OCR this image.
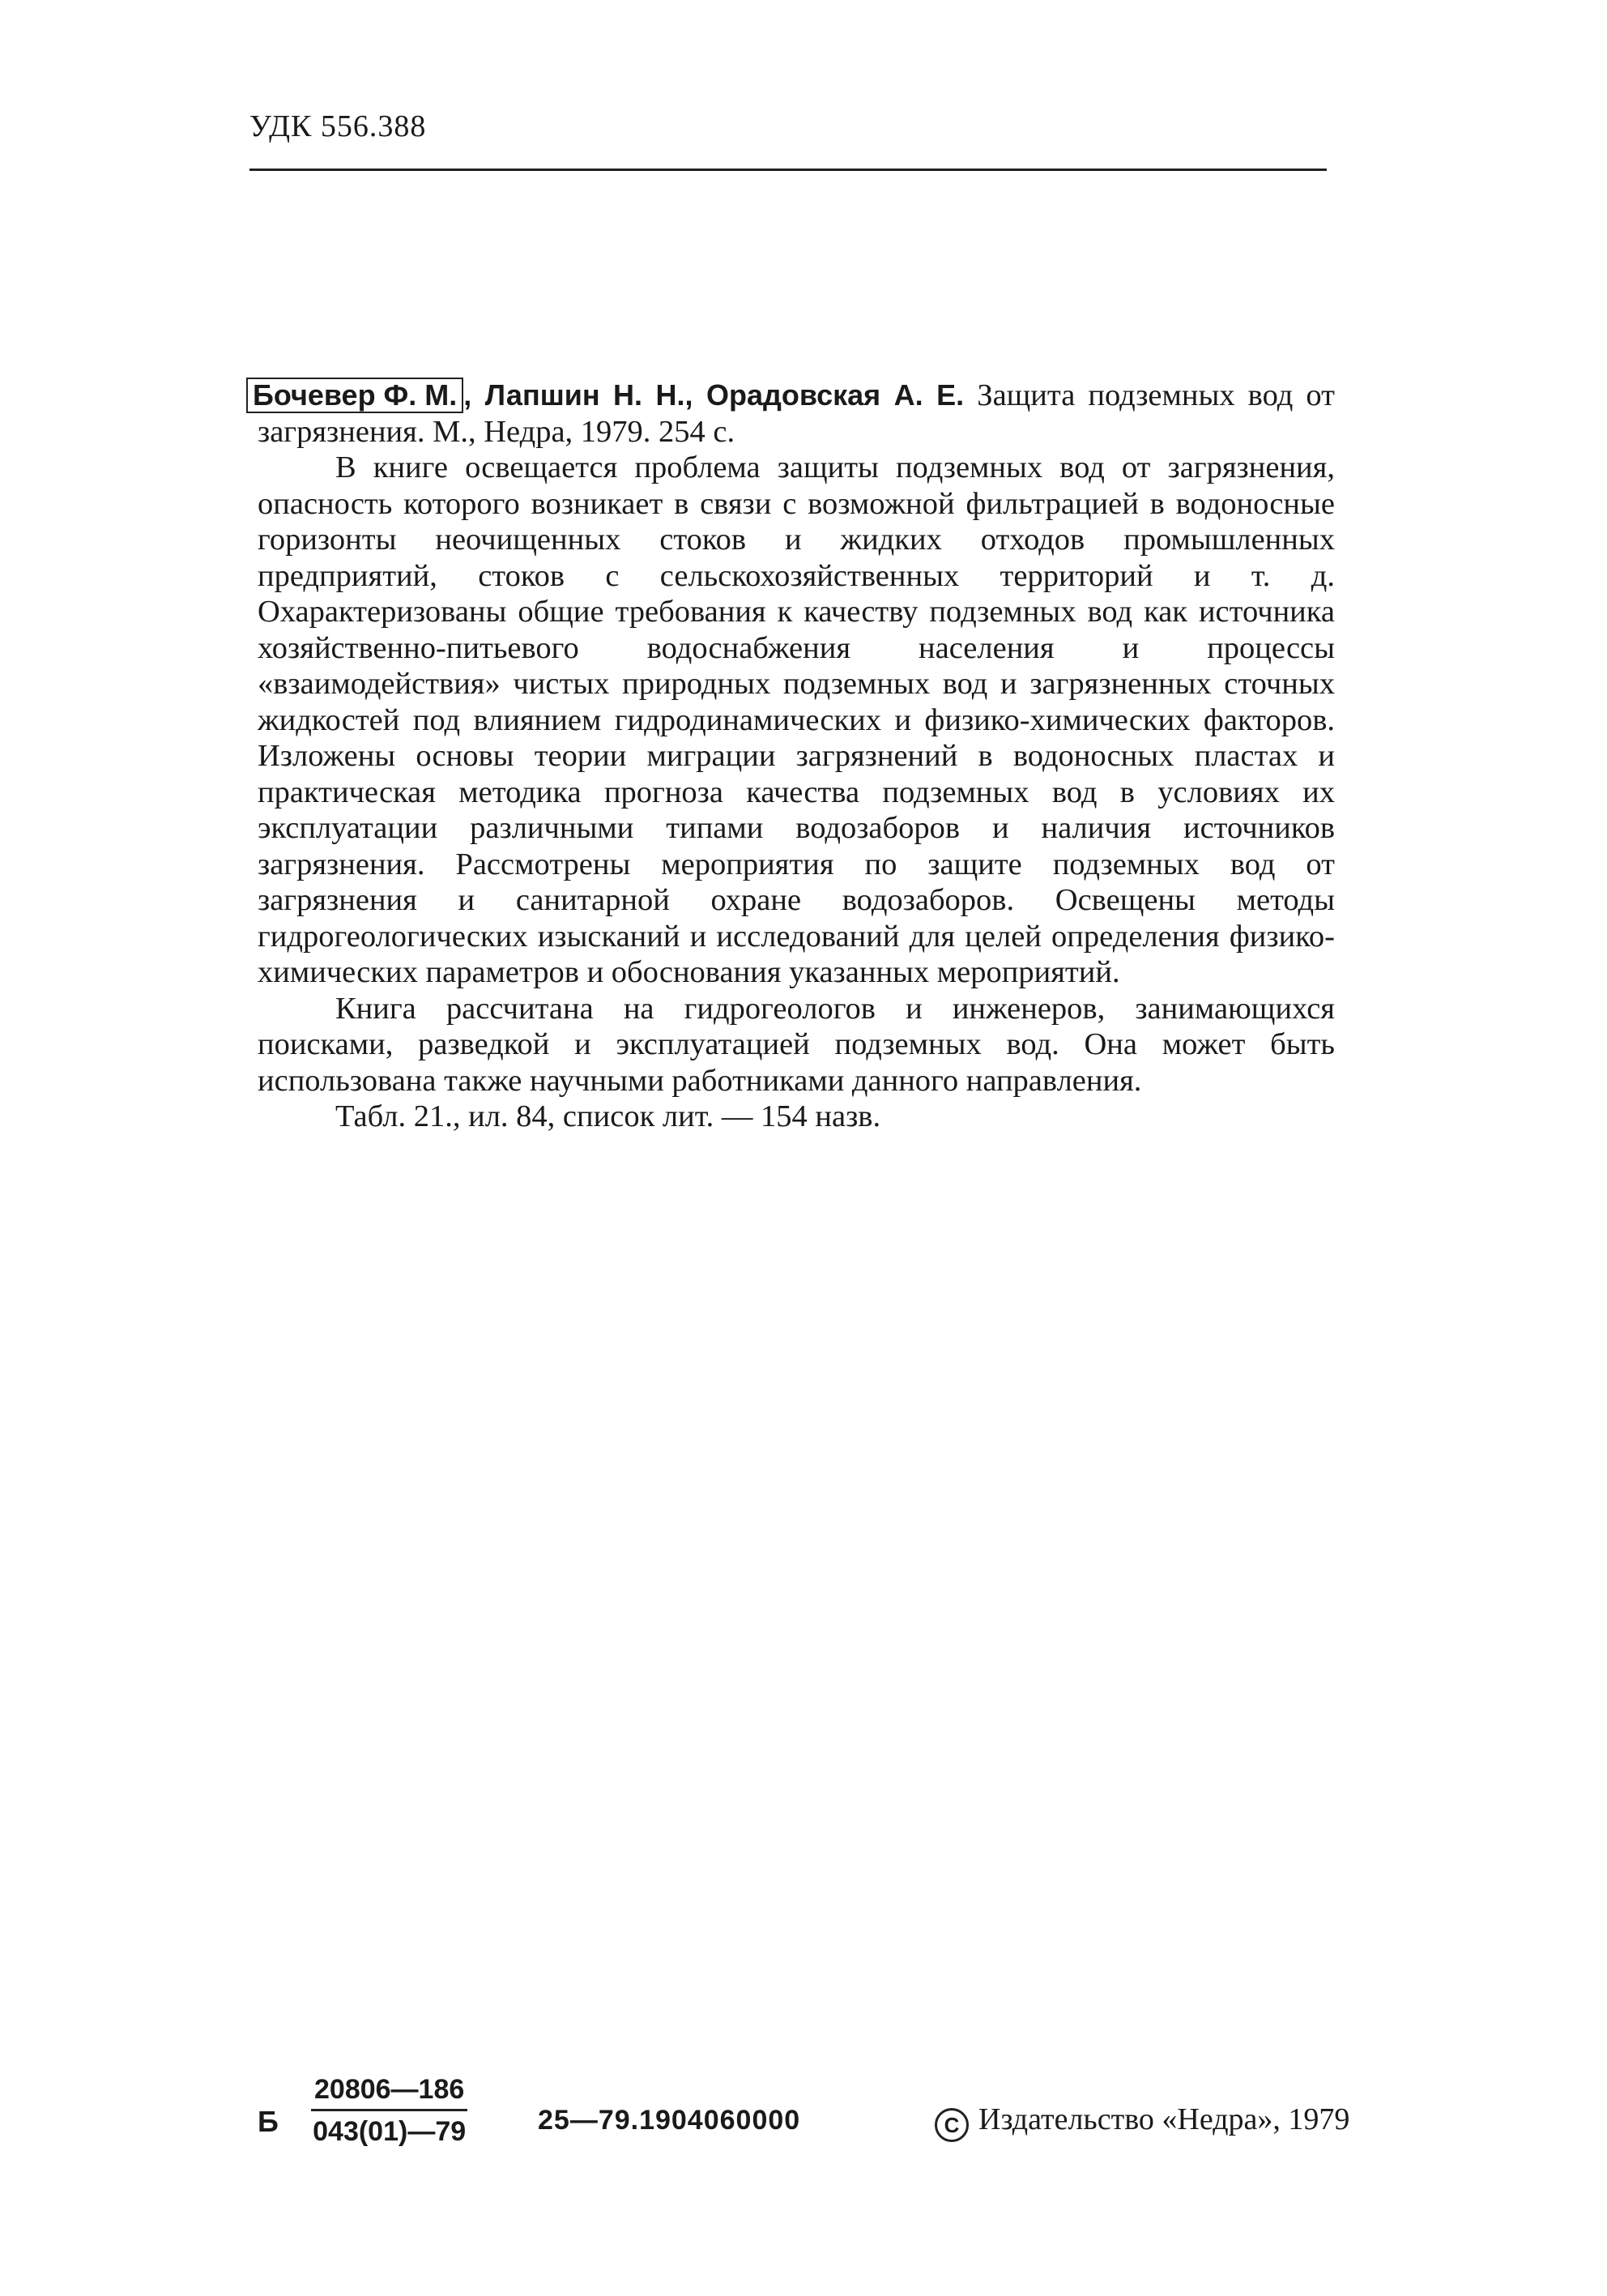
УДК 556.388

Бочевер Ф. М. , Лапшин Н. Н., Орадовская А. Е. Защита подземных вод от загрязнения. М., Недра, 1979. 254 с.

В книге освещается проблема защиты подземных вод от загрязнения, опасность которого возникает в связи с возможной фильтрацией в водоносные горизонты неочищенных стоков и жидких отходов промышленных предприятий, стоков с сельскохозяйственных территорий и т. д. Охарактеризованы общие требования к качеству подземных вод как источника хозяйственно-питьевого водоснабжения населения и процессы «взаимодействия» чистых природных подземных вод и загрязненных сточных жидкостей под влиянием гидродинамических и физико-химических факторов. Изложены основы теории миграции загрязнений в водоносных пластах и практическая методика прогноза качества подземных вод в условиях их эксплуатации различными типами водозаборов и наличия источников загрязнения. Рассмотрены мероприятия по защите подземных вод от загрязнения и санитарной охране водозаборов. Освещены методы гидрогеологических изысканий и исследований для целей определения физико-химических параметров и обоснования указанных мероприятий.

Книга рассчитана на гидрогеологов и инженеров, занимающихся поисками, разведкой и эксплуатацией подземных вод. Она может быть использована также научными работниками данного направления.

Табл. 21., ил. 84, список лит. — 154 назв.

Б $\frac{20806—186}{043(01)—79}$	25—79.1904060000	C Издательство «Недра», 1979
